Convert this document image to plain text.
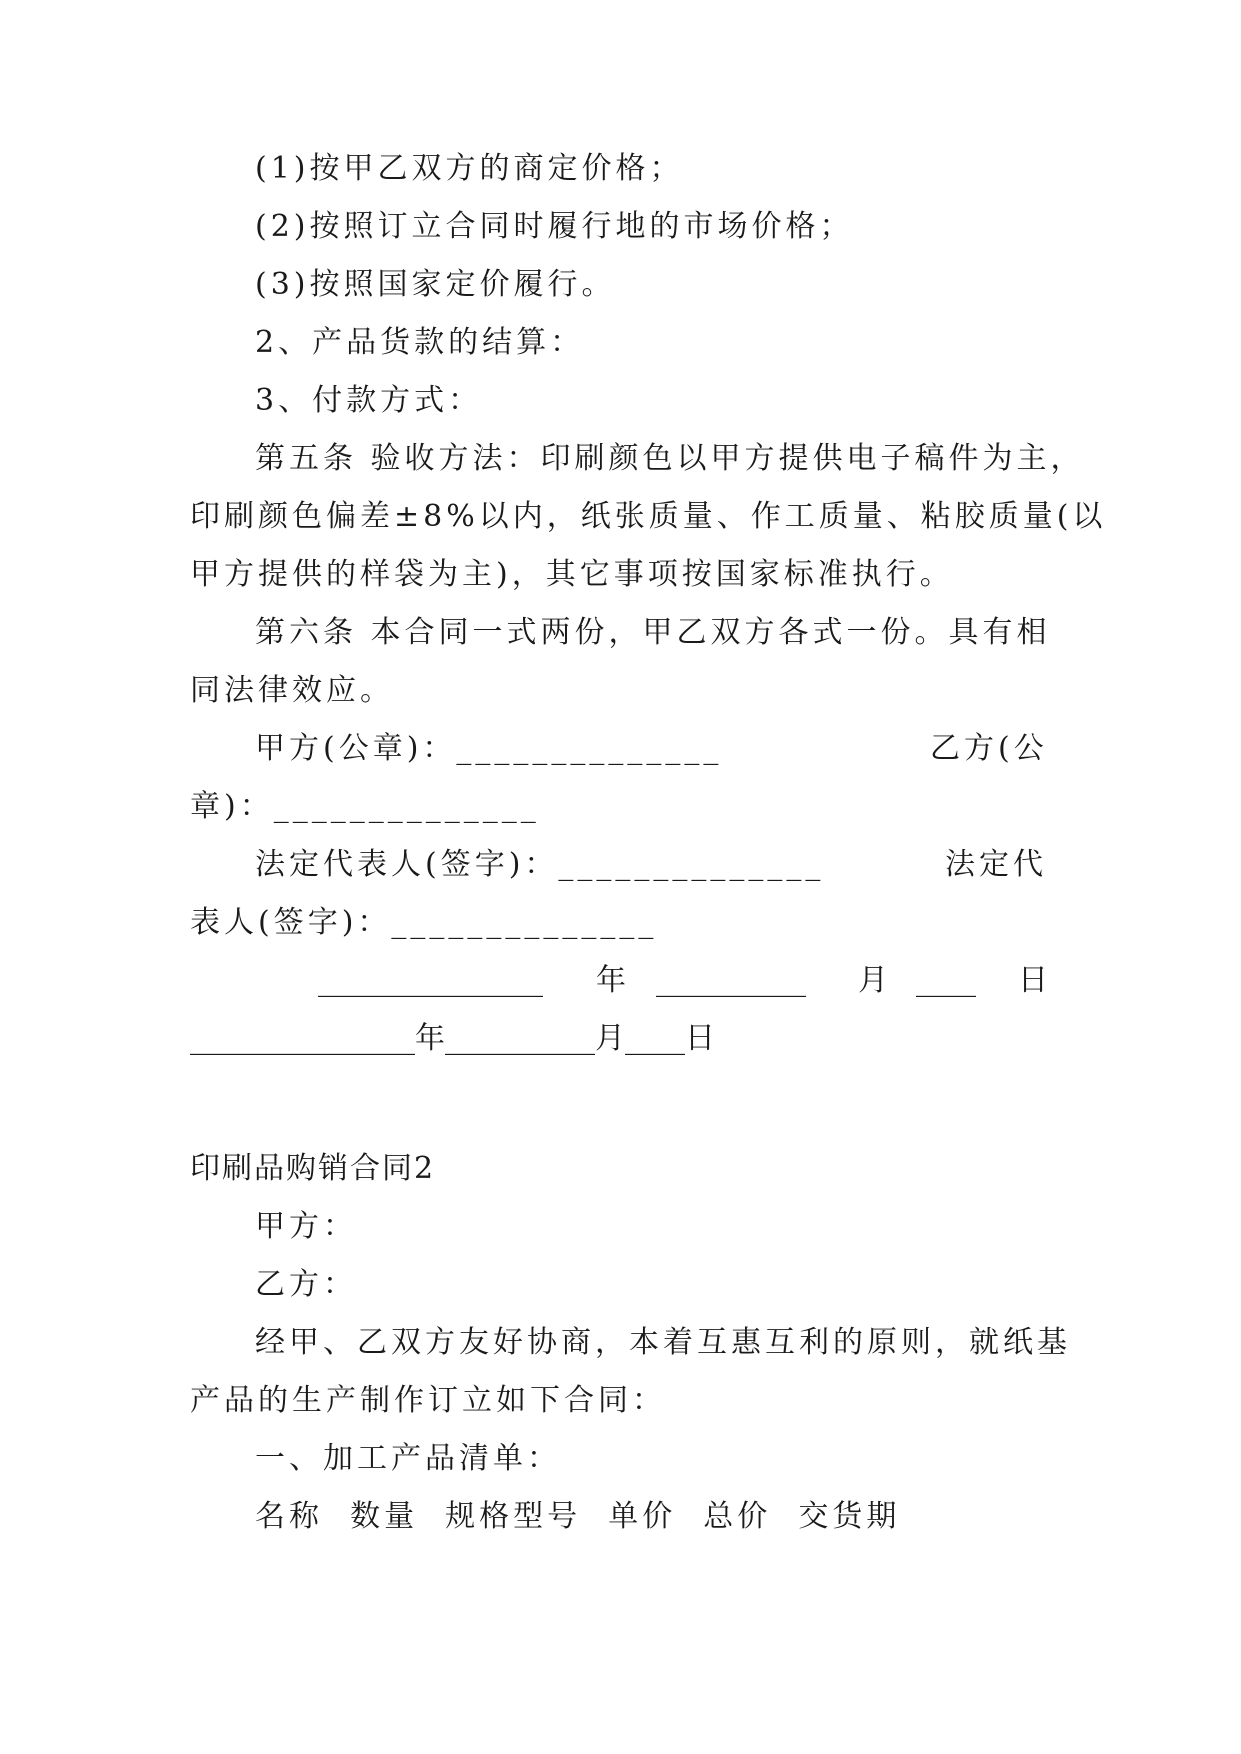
(1)按甲乙双方的商定价格；
(2)按照订立合同时履行地的市场价格；
(3)按照国家定价履行。
2、产品货款的结算：
3、付款方式：
第五条 验收方法：印刷颜色以甲方提供电子稿件为主，
印刷颜色偏差±8%以内，纸张质量、作工质量、粘胶质量(以
甲方提供的样袋为主)，其它事项按国家标准执行。
第六条 本合同一式两份，甲乙双方各式一份。具有相
同法律效应。
甲方(公章)：______________	乙方(公
章)：______________
法定代表人(签字)：______________	法定代
表人(签字)：______________
_______________ 年 __________ 月 ____ 日
_______________年__________月____日
印刷品购销合同2
甲方：
乙方：
经甲、乙双方友好协商，本着互惠互利的原则，就纸基
产品的生产制作订立如下合同：
一、加工产品清单：
名称  数量  规格型号  单价  总价  交货期
